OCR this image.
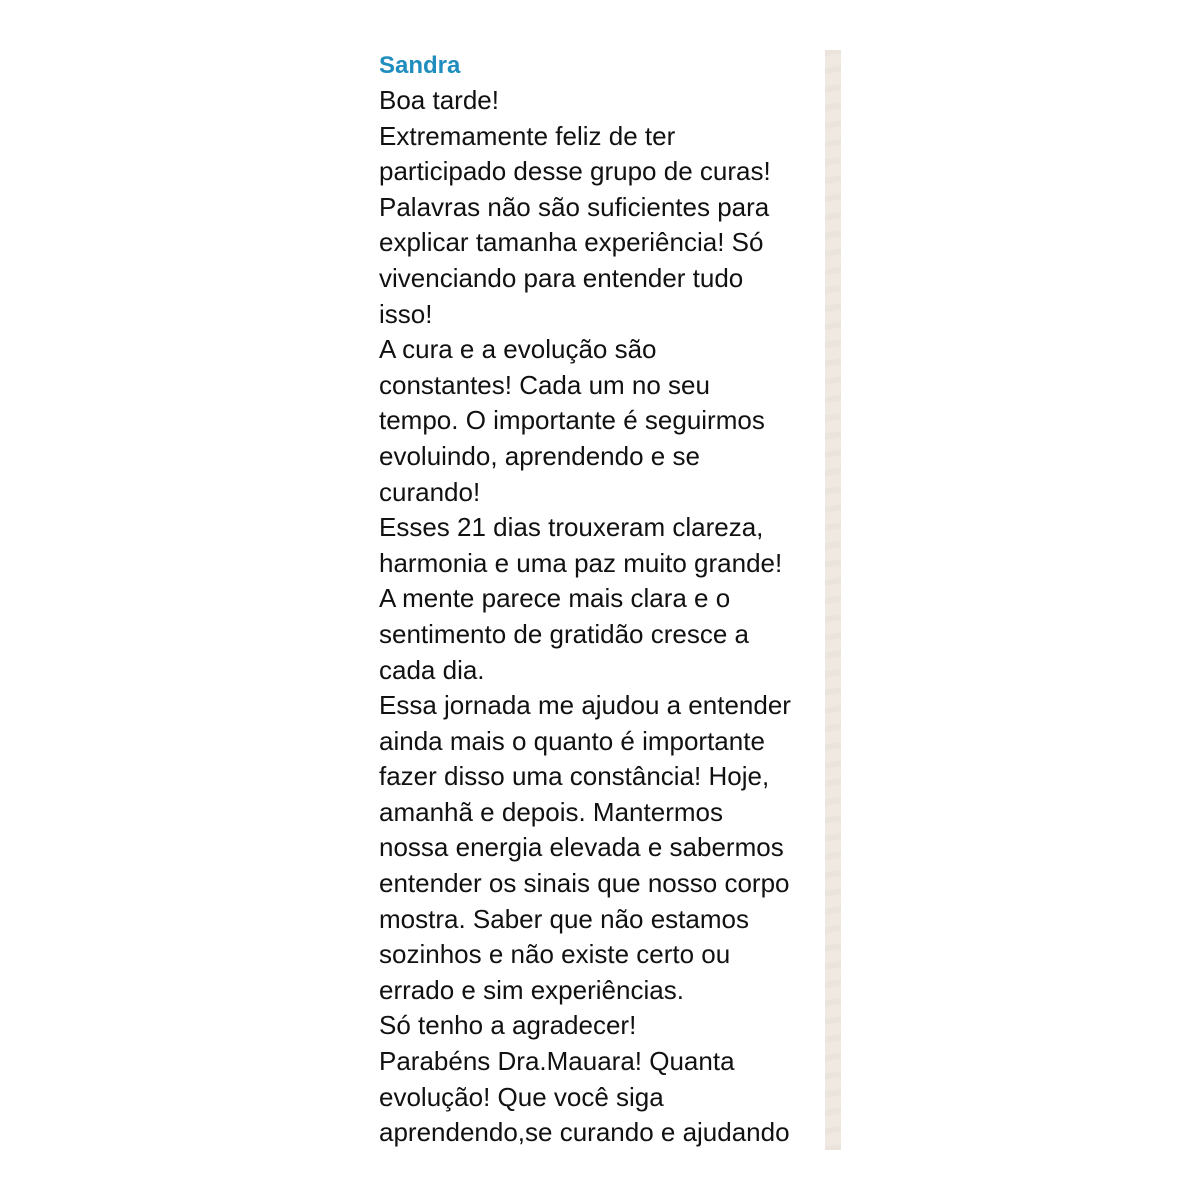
Sandra
Boa tarde!
Extremamente feliz de ter
participado desse grupo de curas!
Palavras não são suficientes para
explicar tamanha experiência! Só
vivenciando para entender tudo
isso!
A cura e a evolução são
constantes! Cada um no seu
tempo. O importante é seguirmos
evoluindo, aprendendo e se
curando!
Esses 21 dias trouxeram clareza,
harmonia e uma paz muito grande!
A mente parece mais clara e o
sentimento de gratidão cresce a
cada dia.
Essa jornada me ajudou a entender
ainda mais o quanto é importante
fazer disso uma constância! Hoje,
amanhã e depois. Mantermos
nossa energia elevada e sabermos
entender os sinais que nosso corpo
mostra. Saber que não estamos
sozinhos e não existe certo ou
errado e sim experiências.
Só tenho a agradecer!
Parabéns Dra.Mauara! Quanta
evolução! Que você siga
aprendendo,se curando e ajudando
